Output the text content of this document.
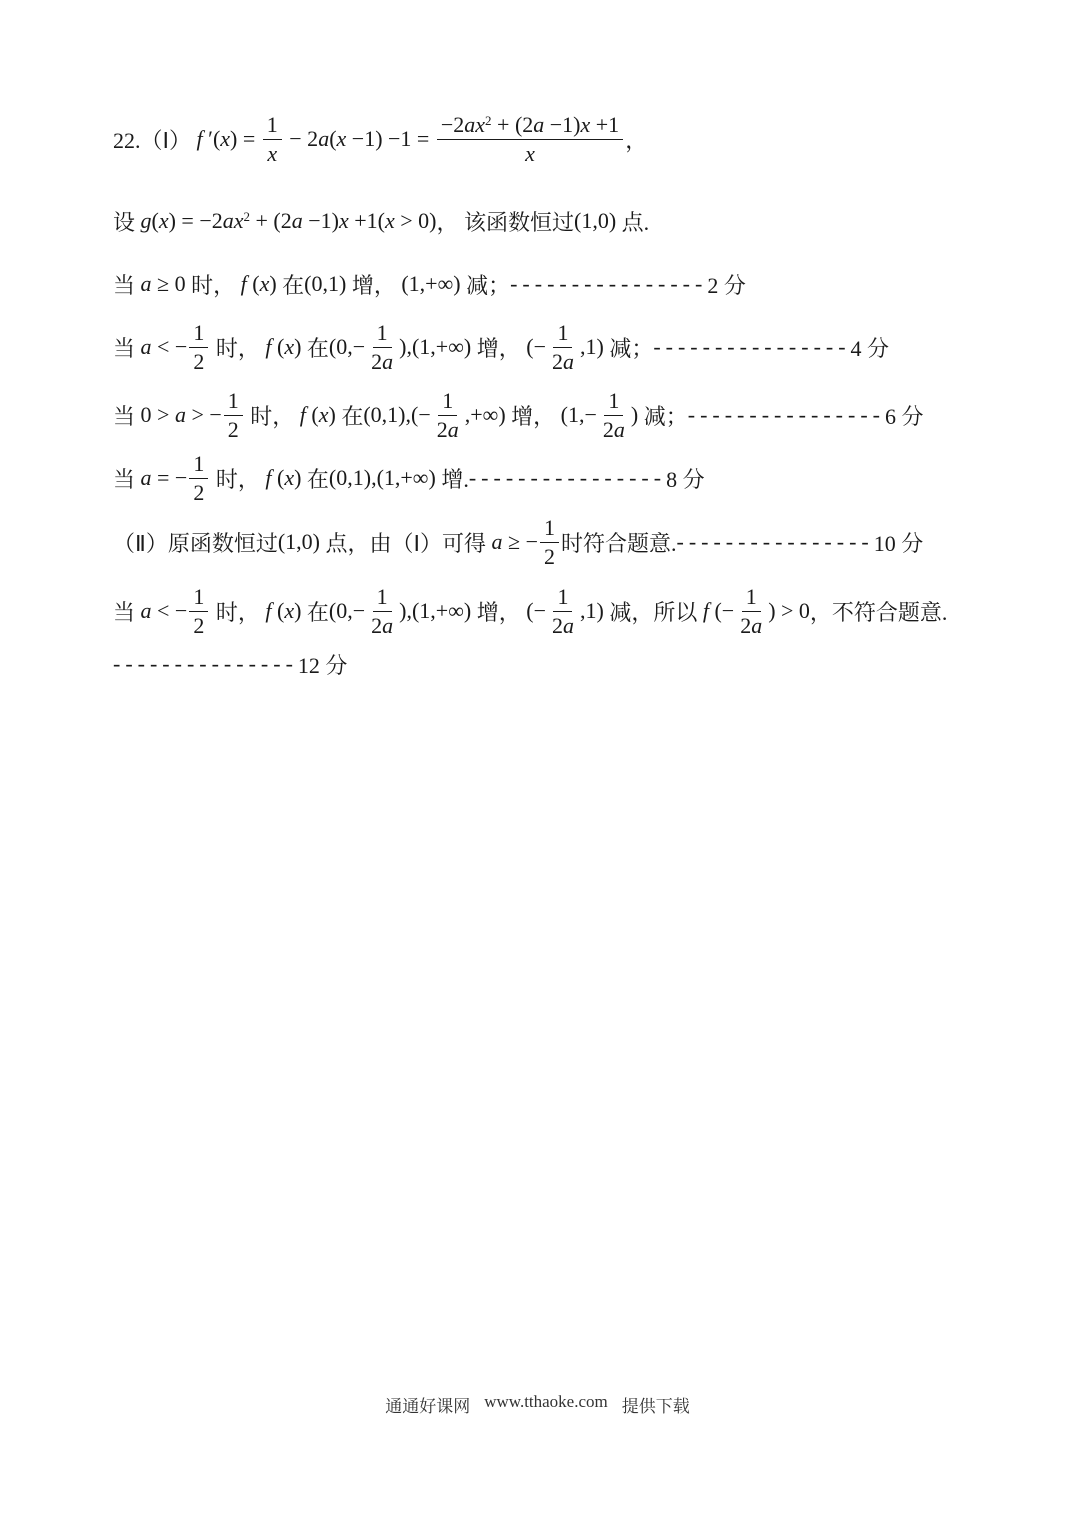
22.（Ⅰ） f $'(x) = \frac{1}{x} - 2a(x -1) -1 = \frac{-2ax^2 + (2a -1)x +1}{x}$ ，
设 $g(x) = -2ax^2 + (2a -1)x +1(x > 0)$ ， 该函数恒过 (1,0) 点.
当 a ≥ 0 时， f (x) 在 (0,1) 增， (1,+∞) 减； ---------------- 2 分
当 a < − $\frac{1}{2}$ 时， f (x) 在 $(0,- \frac{1}{2a} ),(1,+\infty)$ 增， (− $\frac{1}{2a} ,1$) 减； ---------------- 4 分
当 0 > a > − $\frac{1}{2}$ 时， f (x) 在 $(0,1),(- \frac{1}{2a}$ ,+∞) 增， ($1,- \frac{1}{2a}$ ) 减； ---------------- 6 分
当 a = − $\frac{1}{2}$ 时， f (x) 在 (0,1),(1,+∞) 增. ---------------- 8 分
（Ⅱ）原函数恒过 (1,0) 点，由（Ⅰ）可得 a ≥ − $\frac{1}{2}$ 时符合题意. ---------------- 10 分
当 a < − $\frac{1}{2}$ 时， f (x) 在 $(0,- \frac{1}{2a} ),(1,+\infty)$ 增， (− $\frac{1}{2a} ,1$) 减，所以 f (− $\frac{1}{2a}$ ) > 0 ，不符合题意.
--------------- 12 分
通通好课网 www.tthaoke.com 提供下载
